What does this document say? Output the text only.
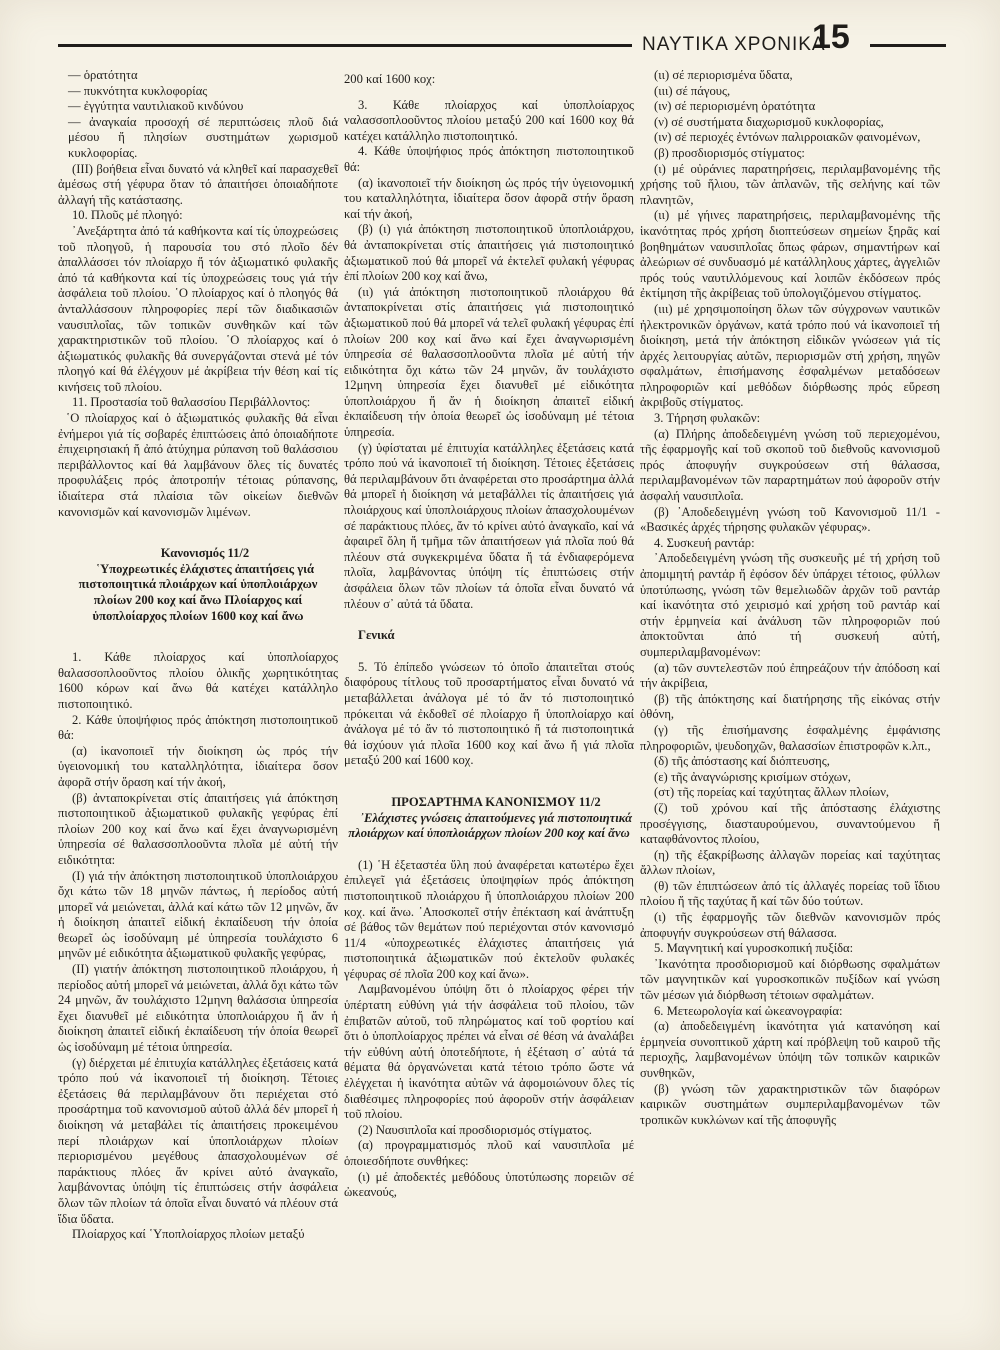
ΝΑΥΤΙΚΑ ΧΡΟΝΙΚΑ
15

— ὁρατότητα

— πυκνότητα κυκλοφορίας

— ἐγγύτητα ναυτιλιακοῦ κινδύνου

— ἀναγκαία προσοχή σέ περιπτώσεις πλοῦ διά μέσου ἤ πλησίων συστημάτων χωρισμοῦ κυκλοφορίας.

(ΙΙΙ) βοήθεια εἶναι δυνατό νά κληθεῖ καί παρασχεθεῖ ἀμέσως στή γέφυρα ὅταν τό ἀπαιτήσει ὁποιαδήποτε ἀλλαγή τῆς κατάστασης.

10. Πλοῦς μέ πλοηγό:

᾿Ανεξάρτητα ἀπό τά καθήκοντα καί τίς ὑποχρεώσεις τοῦ πλοηγοῦ, ἡ παρουσία του στό πλοῖο δέν ἀπαλλάσσει τόν πλοίαρχο ἤ τόν ἀξιωματικό φυλακῆς ἀπό τά καθήκοντα καί τίς ὑποχρεώσεις τους γιά τήν ἀσφάλεια τοῦ πλοίου. ῾Ο πλοίαρχος καί ὁ πλοηγός θά ἀνταλλάσσουν πληροφορίες περί τῶν διαδικασιῶν ναυσιπλοΐας, τῶν τοπικῶν συνθηκῶν καί τῶν χαρακτηριστικῶν τοῦ πλοίου. ῾Ο πλοίαρχος καί ὁ ἀξιωματικός φυλακῆς θά συνεργάζονται στενά μέ τόν πλοηγό καί θά ἐλέγχουν μέ ἀκρίβεια τήν θέση καί τίς κινήσεις τοῦ πλοίου.

11. Προστασία τοῦ θαλασσίου Περιβάλλοντος:

῾Ο πλοίαρχος καί ὁ ἀξιωματικός φυλακῆς θά εἶναι ἐνήμεροι γιά τίς σοβαρές ἐπιπτώσεις ἀπό ὁποιαδήποτε ἐπιχειρησιακή ἤ ἀπό ἀτύχημα ρύπανση τοῦ θαλάσσιου περιβάλλοντος καί θά λαμβάνουν ὅλες τίς δυνατές προφυλάξεις πρός ἀποτροπήν τέτοιας ρύπανσης, ἰδιαίτερα στά πλαίσια τῶν οἰκείων διεθνῶν κανονισμῶν καί κανονισμῶν λιμένων.

Κανονισμός 11/2

῾Υποχρεωτικές ἐλάχιστες ἀπαιτήσεις γιά πιστοποιητικά πλοιάρχων καί ὑποπλοιάρχων πλοίων 200 κοχ καί ἄνω Πλοίαρχος καί ὑποπλοίαρχος πλοίων 1600 κοχ καί ἄνω

1. Κάθε πλοίαρχος καί ὑποπλοίαρχος θαλασσοπλοοῦντος πλοίου ὁλικῆς χωρητικότητας 1600 κόρων καί ἄνω θά κατέχει κατάλληλο πιστοποιητικό.

2. Κάθε ὑποψήφιος πρός ἀπόκτηση πιστοποιητικοῦ θά:

(α) ἱκανοποιεῖ τήν διοίκηση ὡς πρός τήν ὑγειονομική του καταλληλότητα, ἰδιαίτερα ὅσον ἀφορᾶ στήν ὅραση καί τήν ἀκοή,

(β) ἀνταποκρίνεται στίς ἀπαιτήσεις γιά ἀπόκτηση πιστοποιητικοῦ ἀξιωματικοῦ φυλακῆς γεφύρας ἐπί πλοίων 200 κοχ καί ἄνω καί ἔχει ἀναγνωρισμένη ὑπηρεσία σέ θαλασσοπλοοῦντα πλοῖα μέ αὐτή τήν ειδικότητα:

(Ι) γιά τήν ἀπόκτηση πιστοποιητικοῦ ὑποπλοιάρχου ὄχι κάτω τῶν 18 μηνῶν πάντως, ἡ περίοδος αὐτή μπορεῖ νά μειώνεται, ἀλλά καί κάτω τῶν 12 μηνῶν, ἄν ἡ διοίκηση ἀπαιτεῖ εἰδική ἐκπαίδευση τήν ὁποία θεωρεῖ ὡς ἰσοδύναμη μέ ὑπηρεσία τουλάχιστο 6 μηνῶν μέ ειδικότητα ἀξιωματικοῦ φυλακῆς γεφύρας,

(ΙΙ) γιατήν ἀπόκτηση πιστοποιητικοῦ πλοιάρχου, ἡ περίοδος αὐτή μπορεῖ νά μειώνεται, ἀλλά ὄχι κάτω τῶν 24 μηνῶν, ἄν τουλάχιστο 12μηνη θαλάσσια ὑπηρεσία ἔχει διανυθεῖ μέ ειδικότητα ὑποπλοιάρχου ἤ ἄν ἡ διοίκηση ἀπαιτεῖ εἰδική ἐκπαίδευση τήν ὁποία θεωρεῖ ὡς ἰσοδύναμη μέ τέτοια ὑπηρεσία.

(γ) διέρχεται μέ ἐπιτυχία κατάλληλες ἐξετάσεις κατά τρόπο πού νά ἱκανοποιεῖ τή διοίκηση. Τέτοιες ἐξετάσεις θά περιλαμβάνουν ὅτι περιέχεται στό προσάρτημα τοῦ κανονισμοῦ αὐτοῦ ἀλλά δέν μπορεῖ ἡ διοίκηση νά μεταβάλει τίς ἀπαιτήσεις προκειμένου περί πλοιάρχων καί ὑποπλοιάρχων πλοίων περιορισμένου μεγέθους ἀπασχολουμένων σέ παράκτιους πλόες ἄν κρίνει αὐτό ἀναγκαῖο, λαμβάνοντας ὑπόψη τίς ἐπιπτώσεις στήν ἀσφάλεια ὅλων τῶν πλοίων τά ὁποῖα εἶναι δυνατό νά πλέουν στά ἴδια ὕδατα.

Πλοίαρχος καί ῾Υποπλοίαρχος πλοίων μεταξύ

200 καί 1600 κοχ:

3. Κάθε πλοίαρχος καί ὑποπλοίαρχος ναλασσοπλοοῦντος πλοίου μεταξύ 200 καί 1600 κοχ θά κατέχει κατάλληλο πιστοποιητικό.

4. Κάθε ὑποψήφιος πρός ἀπόκτηση πιστοποιητικοῦ θά:

(α) ἱκανοποιεῖ τήν διοίκηση ὡς πρός τήν ὑγειονομική του καταλληλότητα, ἰδιαίτερα ὅσον ἀφορᾶ στήν ὅραση καί τήν ἀκοή,

(β) (ι) γιά ἀπόκτηση πιστοποιητικοῦ ὑποπλοιάρχου, θά ἀνταποκρίνεται στίς ἀπαιτήσεις γιά πιστοποιητικό ἀξιωματικοῦ πού θά μπορεῖ νά ἐκτελεῖ φυλακή γέφυρας ἐπί πλοίων 200 κοχ καί ἄνω,

(ιι) γιά ἀπόκτηση πιστοποιητικοῦ πλοιάρχου θά ἀνταποκρίνεται στίς ἀπαιτήσεις γιά πιστοποιητικό ἀξιωματικοῦ πού θά μπορεῖ νά τελεῖ φυλακή γέφυρας ἐπί πλοίων 200 κοχ καί ἄνω καί ἔχει ἀναγνωρισμένη ὑπηρεσία σέ θαλασσοπλοοῦντα πλοῖα μέ αὐτή τήν ειδικότητα ὄχι κάτω τῶν 24 μηνῶν, ἄν τουλάχιστο 12μηνη ὑπηρεσία ἔχει διανυθεῖ μέ εἰδικότητα ὑποπλοιάρχου ἤ ἄν ἡ διοίκηση ἀπαιτεῖ εἰδική ἐκπαίδευση τήν ὁποία θεωρεῖ ὡς ἰσοδύναμη μέ τέτοια ὑπηρεσία.

(γ) ὑφίσταται μέ ἐπιτυχία κατάλληλες ἐξετάσεις κατά τρόπο πού νά ἱκανοποιεῖ τή διοίκηση. Τέτοιες ἐξετάσεις θά περιλαμβάνουν ὅτι ἀναφέρεται στο προσάρτημα ἀλλά θά μπορεῖ ἡ διοίκηση νά μεταβάλλει τίς ἀπαιτήσεις γιά πλοιάρχους καί ὑποπλοιάρχους πλοίων ἀπασχολουμένων σέ παράκτιους πλόες, ἄν τό κρίνει αὐτό ἀναγκαῖο, καί νά ἀφαιρεῖ ὅλη ἤ τμῆμα τῶν ἀπαιτήσεων γιά πλοῖα πού θά πλέουν στά συγκεκριμένα ὕδατα ἤ τά ἐνδιαφερόμενα πλοῖα, λαμβάνοντας ὑπόψη τίς ἐπιπτώσεις στήν ἀσφάλεια ὅλων τῶν πλοίων τά ὁποῖα εἶναι δυνατό νά πλέουν σ᾿ αὐτά τά ὕδατα.

Γενικά

5. Τό ἐπίπεδο γνώσεων τό ὁποῖο ἀπαιτεῖται στούς διαφόρους τίτλους τοῦ προσαρτήματος εἶναι δυνατό νά μεταβάλλεται ἀνάλογα μέ τό ἄν τό πιστοποιητικό πρόκειται νά ἐκδοθεῖ σέ πλοίαρχο ἤ ὑποπλοίαρχο καί ἀνάλογα μέ τό ἄν τό πιστοποιητικό ἤ τά πιστοποιητικά θά ἰσχύουν γιά πλοῖα 1600 κοχ καί ἄνω ἤ γιά πλοῖα μεταξύ 200 καί 1600 κοχ.

ΠΡΟΣΑΡΤΗΜΑ ΚΑΝΟΝΙΣΜΟΥ 11/2

᾿Ελάχιστες γνώσεις ἀπαιτούμενες γιά πιστοποιητικά πλοιάρχων καί ὑποπλοιάρχων πλοίων 200 κοχ καί ἄνω

(1) ῾Η ἐξεταστέα ὕλη πού ἀναφέρεται κατωτέρω ἔχει ἐπιλεγεῖ γιά ἐξετάσεις ὑποψηφίων πρός ἀπόκτηση πιστοποιητικοῦ πλοιάρχου ἤ ὑποπλοιάρχου πλοίων 200 κοχ. καί ἄνω. ᾿Αποσκοπεῖ στήν ἐπέκταση καί ἀνάπτυξη σέ βάθος τῶν θεμάτων πού περιέχονται στόν κανονισμό 11/4 «ὑποχρεωτικές ἐλάχιστες ἀπαιτήσεις γιά πιστοποιητικά ἀξιωματικῶν πού ἐκτελοῦν φυλακές γέφυρας σέ πλοῖα 200 κοχ καί ἄνω».

Λαμβανομένου ὑπόψη ὅτι ὁ πλοίαρχος φέρει τήν ὑπέρτατη εὐθύνη γιά τήν ἀσφάλεια τοῦ πλοίου, τῶν ἐπιβατῶν αὐτοῦ, τοῦ πληρώματος καί τοῦ φορτίου καί ὅτι ὁ ὑποπλοίαρχος πρέπει νά εἶναι σέ θέση νά ἀναλάβει τήν εὐθύνη αὐτή ὁποτεδήποτε, ἡ ἐξέταση σ᾿ αὐτά τά θέματα θά ὀργανώνεται κατά τέτοιο τρόπο ὥστε νά ἐλέγχεται ἡ ἱκανότητα αὐτῶν νά ἀφομοιώνουν ὅλες τίς διαθέσιμες πληροφορίες πού ἀφοροῦν στήν ἀσφάλειαν τοῦ πλοίου.

(2) Ναυσιπλοΐα καί προσδιορισμός στίγματος.

(α) προγραμματισμός πλοῦ καί ναυσιπλοΐα μέ ὁποιεσδήποτε συνθήκες:

(ι) μέ ἀποδεκτές μεθόδους ὑποτύπωσης πορειῶν σέ ὠκεανούς,

(ιι) σέ περιορισμένα ὕδατα,

(ιιι) σέ πάγους,

(ιν) σέ περιορισμένη ὁρατότητα

(ν) σέ συστήματα διαχωρισμοῦ κυκλοφορίας,

(ιν) σέ περιοχές ἐντόνων παλιρροιακῶν φαινομένων,

(β) προσδιορισμός στίγματος:

(ι) μέ οὐράνιες παρατηρήσεις, περιλαμβανομένης τῆς χρήσης τοῦ ἥλιου, τῶν ἀπλανῶν, τῆς σελήνης καί τῶν πλανητῶν,

(ιι) μέ γήινες παρατηρήσεις, περιλαμβανομένης τῆς ἱκανότητας πρός χρήση διοπτεύσεων σημείων ξηρᾶς καί βοηθημάτων ναυσιπλοΐας ὅπως φάρων, σημαντήρων καί ἀλεώριων σέ συνδυασμό μέ κατάλληλους χάρτες, ἀγγελιῶν πρός τούς ναυτιλλόμενους καί λοιπῶν ἐκδόσεων πρός ἐκτίμηση τῆς ἀκρίβειας τοῦ ὑπολογιζόμενου στίγματος.

(ιιι) μέ χρησιμοποίηση ὅλων τῶν σύγχρονων ναυτικῶν ἠλεκτρονικῶν ὀργάνων, κατά τρόπο πού νά ἱκανοποιεῖ τή διοίκηση, μετά τήν ἀπόκτηση εἰδικῶν γνώσεων γιά τίς ἀρχές λειτουργίας αὐτῶν, περιορισμῶν στή χρήση, πηγῶν σφαλμάτων, ἐπισήμανσης ἐσφαλμένων μεταδόσεων πληροφοριῶν καί μεθόδων διόρθωσης πρός εὕρεση ἀκριβοῦς στίγματος.

3. Τήρηση φυλακῶν:

(α) Πλήρης ἀποδεδειγμένη γνώση τοῦ περιεχομένου, τῆς ἐφαρμογῆς καί τοῦ σκοποῦ τοῦ διεθνοῦς κανονισμοῦ πρός ἀποφυγήν συγκρούσεων στή θάλασσα, περιλαμβανομένων τῶν παραρτημάτων πού ἀφοροῦν στήν ἀσφαλή ναυσιπλοΐα.

(β) ᾿Αποδεδειγμένη γνώση τοῦ Κανονισμοῦ 11/1 - «Βασικές ἀρχές τήρησης φυλακῶν γέφυρας».

4. Συσκευή ραντάρ:

᾿Αποδεδειγμένη γνώση τῆς συσκευῆς μέ τή χρήση τοῦ ἀπομιμητή ραντάρ ἤ ἐφόσον δέν ὑπάρχει τέτοιος, φύλλων ὑποτύπωσης, γνώση τῶν θεμελιωδῶν ἀρχῶν τοῦ ραντάρ καί ἱκανότητα στό χειρισμό καί χρήση τοῦ ραντάρ καί στήν ἑρμηνεία καί ἀνάλυση τῶν πληροφοριῶν πού ἀποκτοῦνται ἀπό τή συσκευή αὐτή, συμπεριλαμβανομένων:

(α) τῶν συντελεστῶν πού ἐπηρεάζουν τήν ἀπόδοση καί τήν ἀκρίβεια,

(β) τῆς ἀπόκτησης καί διατήρησης τῆς εἰκόνας στήν ὀθόνη,

(γ) τῆς ἐπισήμανσης ἐσφαλμένης ἐμφάνισης πληροφοριῶν, ψευδοηχῶν, θαλασσίων ἐπιστροφῶν κ.λπ.,

(δ) τῆς ἀπόστασης καί διόπτευσης,

(ε) τῆς ἀναγνώρισης κρισίμων στόχων,

(στ) τῆς πορείας καί ταχύτητας ἄλλων πλοίων,

(ζ) τοῦ χρόνου καί τῆς ἀπόστασης ἐλάχιστης προσέγγισης, διασταυρούμενου, συναντούμενου ἤ καταφθάνοντος πλοίου,

(η) τῆς ἐξακρίβωσης ἀλλαγῶν πορείας καί ταχύτητας ἄλλων πλοίων,

(θ) τῶν ἐπιπτώσεων ἀπό τίς ἀλλαγές πορείας τοῦ ἴδιου πλοίου ἤ τῆς ταχύτας ἤ καί τῶν δύο τούτων.

(ι) τῆς ἐφαρμογῆς τῶν διεθνῶν κανονισμῶν πρός ἀποφυγήν συγκρούσεων στή θάλασσα.

5. Μαγνητική καί γυροσκοπική πυξίδα:

᾿Ικανότητα προσδιορισμοῦ καί διόρθωσης σφαλμάτων τῶν μαγνητικῶν καί γυροσκοπικῶν πυξίδων καί γνώση τῶν μέσων γιά διόρθωση τέτοιων σφαλμάτων.

6. Μετεωρολογία καί ὠκεανογραφία:

(α) ἀποδεδειγμένη ἱκανότητα γιά κατανόηση καί ἑρμηνεία συνοπτικοῦ χάρτη καί πρόβλεψη τοῦ καιροῦ τῆς περιοχῆς, λαμβανομένων ὑπόψη τῶν τοπικῶν καιρικῶν συνθηκῶν,

(β) γνώση τῶν χαρακτηριστικῶν τῶν διαφόρων καιρικῶν συστημάτων συμπεριλαμβανομένων τῶν τροπικῶν κυκλώνων καί τῆς ἀποφυγῆς
